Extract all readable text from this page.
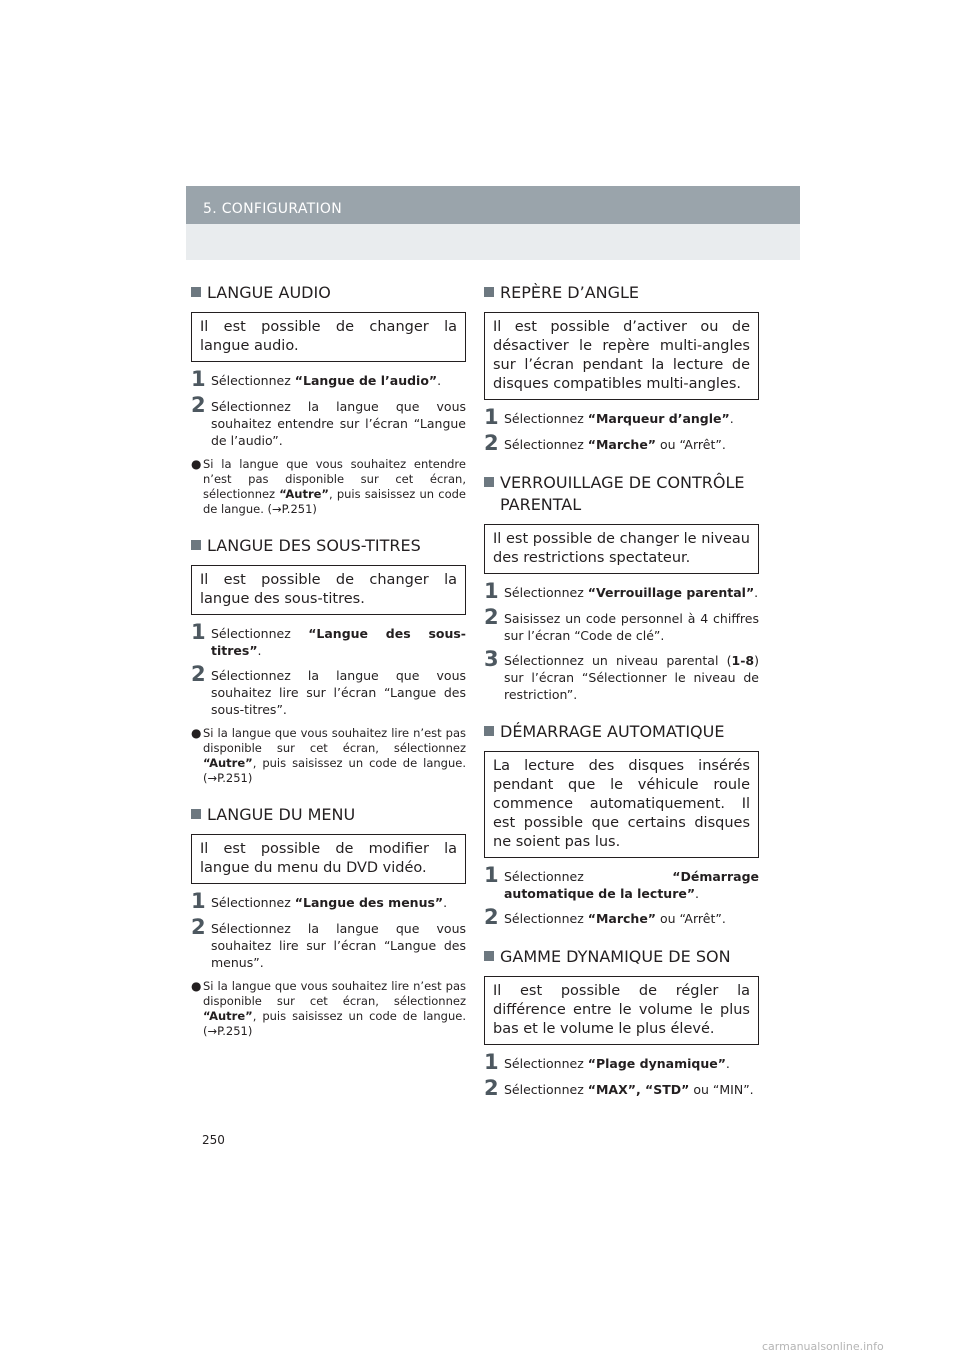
5. CONFIGURATION
LANGUE AUDIO
Il est possible de changer la langue audio.
1 Sélectionnez “Langue de l’audio”.
2 Sélectionnez la langue que vous souhaitez entendre sur l’écran “Langue de l’audio”.
● Si la langue que vous souhaitez entendre n’est pas disponible sur cet écran, sélectionnez “Autre”, puis saisissez un code de langue. (→P.251)
LANGUE DES SOUS-TITRES
Il est possible de changer la langue des sous-titres.
1 Sélectionnez “Langue des sous-titres”.
2 Sélectionnez la langue que vous souhaitez lire sur l’écran “Langue des sous-titres”.
● Si la langue que vous souhaitez lire n’est pas disponible sur cet écran, sélectionnez “Autre”, puis saisissez un code de langue. (→P.251)
LANGUE DU MENU
Il est possible de modifier la langue du menu du DVD vidéo.
1 Sélectionnez “Langue des menus”.
2 Sélectionnez la langue que vous souhaitez lire sur l’écran “Langue des menus”.
● Si la langue que vous souhaitez lire n’est pas disponible sur cet écran, sélectionnez “Autre”, puis saisissez un code de langue. (→P.251)
REPÈRE D’ANGLE
Il est possible d’activer ou de désactiver le repère multi-angles sur l’écran pendant la lecture de disques compatibles multi-angles.
1 Sélectionnez “Marqueur d’angle”.
2 Sélectionnez “Marche” ou “Arrêt”.
VERROUILLAGE DE CONTRÔLE PARENTAL
Il est possible de changer le niveau des restrictions spectateur.
1 Sélectionnez “Verrouillage parental”.
2 Saisissez un code personnel à 4 chiffres sur l’écran “Code de clé”.
3 Sélectionnez un niveau parental (1-8) sur l’écran “Sélectionner le niveau de restriction”.
DÉMARRAGE AUTOMATIQUE
La lecture des disques insérés pendant que le véhicule roule commence automatiquement. Il est possible que certains disques ne soient pas lus.
1 Sélectionnez “Démarrage automatique de la lecture”.
2 Sélectionnez “Marche” ou “Arrêt”.
GAMME DYNAMIQUE DE SON
Il est possible de régler la différence entre le volume le plus bas et le volume le plus élevé.
1 Sélectionnez “Plage dynamique”.
2 Sélectionnez “MAX”, “STD” ou “MIN”.
250
carmanualsonline.info
